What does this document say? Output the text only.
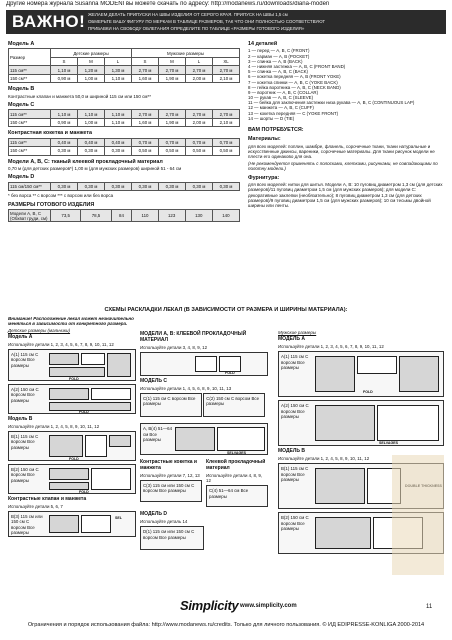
Другие номера журнала Susanna MODENI вы можете скачать по адресу: http://modanews.ru/downloads/diana-moden
ВАЖНО! ЖЕЛАЕМ ДЕЛАТЬ ПРИПУСКИ НА ШВЫ ИЗДЕЛИЯ ОТ СЕРОГО КРАЯ. ПРИПУСК НА ШВЫ 1,5 см
ОБМЕРЬТЕ ВАШУ ФИГУРУ ПО МЕРКАМ В ТАБЛИЦЕ РАЗМЕРОВ, ТАК ЧТО ОНИ ПОЛНОСТЬЮ СООТВЕТСТВУЮТ
ПРИБАВКИ НА СВОБОДУ ОБЛЕГАНИЯ ОПРЕДЕЛИТЕ ПО ТАБЛИЦЕ «РАЗМЕРЫ ГОТОВОГО ИЗДЕЛИЯ»
Модель А
Размер	Детские размеры			Мужские размеры			
	S	M	L	S	M	L	XL
115 см**	1,10 м	1,20 м	1,30 м	2,70 м	2,70 м	2,70 м	2,70 м
150 см**	0,90 м	1,00 м	1,10 м	1,60 м	1,90 м	2,00 м	2,10 м
Модель В
Контрастные клапан и манжета 50,0 м шириной 115 см или 150 см**
Модель С
115 см**	1,10 м	1,10 м	1,10 м	2,70 м	2,70 м	2,70 м	2,70 м
150 см**	0,90 м	1,00 м	1,10 м	1,60 м	1,90 м	2,00 м	2,10 м
Контрастная кокетка и манжета
115 см**	0,40 м	0,40 м	0,40 м	0,70 м	0,70 м	0,70 м	0,70 м
150 см**	0,30 м	0,30 м	0,30 м	0,50 м	0,50 м	0,50 м	0,50 м
Модели А, В, С: тканый клеевой прокладочный материал
0,70 м (для детских размеров*) 1,00 м (для мужских размеров) шириной 51 - 64 см
Модель D
115 см/150 см**	0,30 м	0,30 м	0,30 м	0,30 м	0,30 м	0,30 м	0,30 м
* без ворса ** с ворсом *** с ворсом или без ворса
РАЗМЕРЫ ГОТОВОГО ИЗДЕЛИЯ
Модели А, В, С (Обхват груди, см)	73,5	78,5	84	110	123	130	140
14 деталей
1 — перед — А, В, С (FRONT)
2 — карман — А, В (POCKET)
3 — спинка — А, В (BACK)
4 — нижняя застежка — А, В, С (FRONT BAND)
5 — спинка — А, В, С (BACK)
6 — кокетка передняя — А, В (FRONT YOKE)
7 — кокетка спинки — А, В, С (YOKE BACK)
8 — гейка воротника — А, В, С (NECK BAND)
9 — воротник — А, В, С (COLLAR)
10 — рукав — А, В, С (SLEEVE)
11 — бейка для заключения застежки низа рукава — А, В, С (CONTINUOUS LAP)
12 — манжета — А, В, С (CUFF)
13 — кокетка передняя — С (YOKE FRONT)
14 — шорты — D (TIE)
ВАМ ПОТРЕБУЕТСЯ:
Материалы:
для всех моделей: поплин, шамбре, фланель, сорочечные ткани, ткани натуральные и искусственные джинсы, вареники, сорочечные материалы. Для ткани рисунок модели не плести его одинаково для она.
(Не рекомендуется применять с полосками, клетками, рисунками, не совпадающими по полотну модели.)
Фурнитура:
для всех моделей: нитки для шитья. Модели А, В: 10 пуговиц диаметром 1,3 см (для детских размеров)/11 пуговиц диаметром 1,5 см (для мужских размеров); для модели С: декоративные заклепки (необязательно); 8 пуговиц диаметром 1,3 см (для детских размеров)/9 пуговиц диаметром 1,5 см (для мужских размеров); 10 см тесьмы двойной ширины или ленты.
СХЕМЫ РАСКЛАДКИ ЛЕКАЛ (В ЗАВИСИМОСТИ ОТ РАЗМЕРА И ШИРИНЫ МАТЕРИАЛА):
Внимание! Расположение лекал может незначительно меняться в зависимости от конкретного размера.
Детские размеры (мальчики)
Модель А
Используйте детали 1, 2, 3, 4, 5, 6, 7, 8, 9, 10, 11, 12
А(1) 115 см С ворсом Все размеры
FOLD
А(2) 150 см С ворсом Все размеры
FOLD
Модель В
Используйте детали 1, 2, 4, 5, 8, 9, 10, 11, 12
В(1) 115 см С ворсом Все размеры
FOLD
В(2) 150 см С ворсом Все размеры
FOLD
Контрастные клапан и манжета
Используйте детали 5, 6, 7
В(3) 115 см или 150 см С ворсом Все размеры
SEL
МОДЕЛИ А, В: КЛЕЕВОЙ ПРОКЛАДОЧНЫЙ МАТЕРИАЛ
Используйте детали 3, 4, 8, 9, 12
FOLD
МОДЕЛЬ С
Используйте детали 1, 4, 5, 6, 8, 9, 10, 11, 13
C(1) 115 см С ворсом Все размеры

C(2) 150 см С ворсом Все размеры
А, В(4) 51—64 см Все размеры
SELVAGES
Контрастные кокетка и манжета
Используйте детали 7, 12, 13
C(3) 115 см или 150 см С ворсом Все размеры
Клеевой прокладочный материал
Используйте детали 4, 8, 9, 12
C(4) 51—64 см Все размеры
МОДЕЛЬ D
Используйте деталь 14
D(1) 115 см или 150 см С ворсом Все размеры
Мужские размеры
МОДЕЛЬ А
Используйте детали 1, 2, 3, 4, 5, 6, 7, 8, 9, 10, 11, 12
А(1) 115 см С ворсом Все размеры
FOLD
А(2) 150 см С ворсом Все размеры
SELVAGES
МОДЕЛЬ В
Используйте детали 1, 2, 4, 5, 8, 9, 10, 11, 12
В(1) 115 см С ворсом Все размеры
В(2) 150 см С ворсом Все размеры
Simplicity www.simplicity.com	11
Ограничения и порядок использования файла: http://www.modanews.ru/credits. Только для личного пользования. © ИД EDIPRESSE-KONLIGA 2000-2014
